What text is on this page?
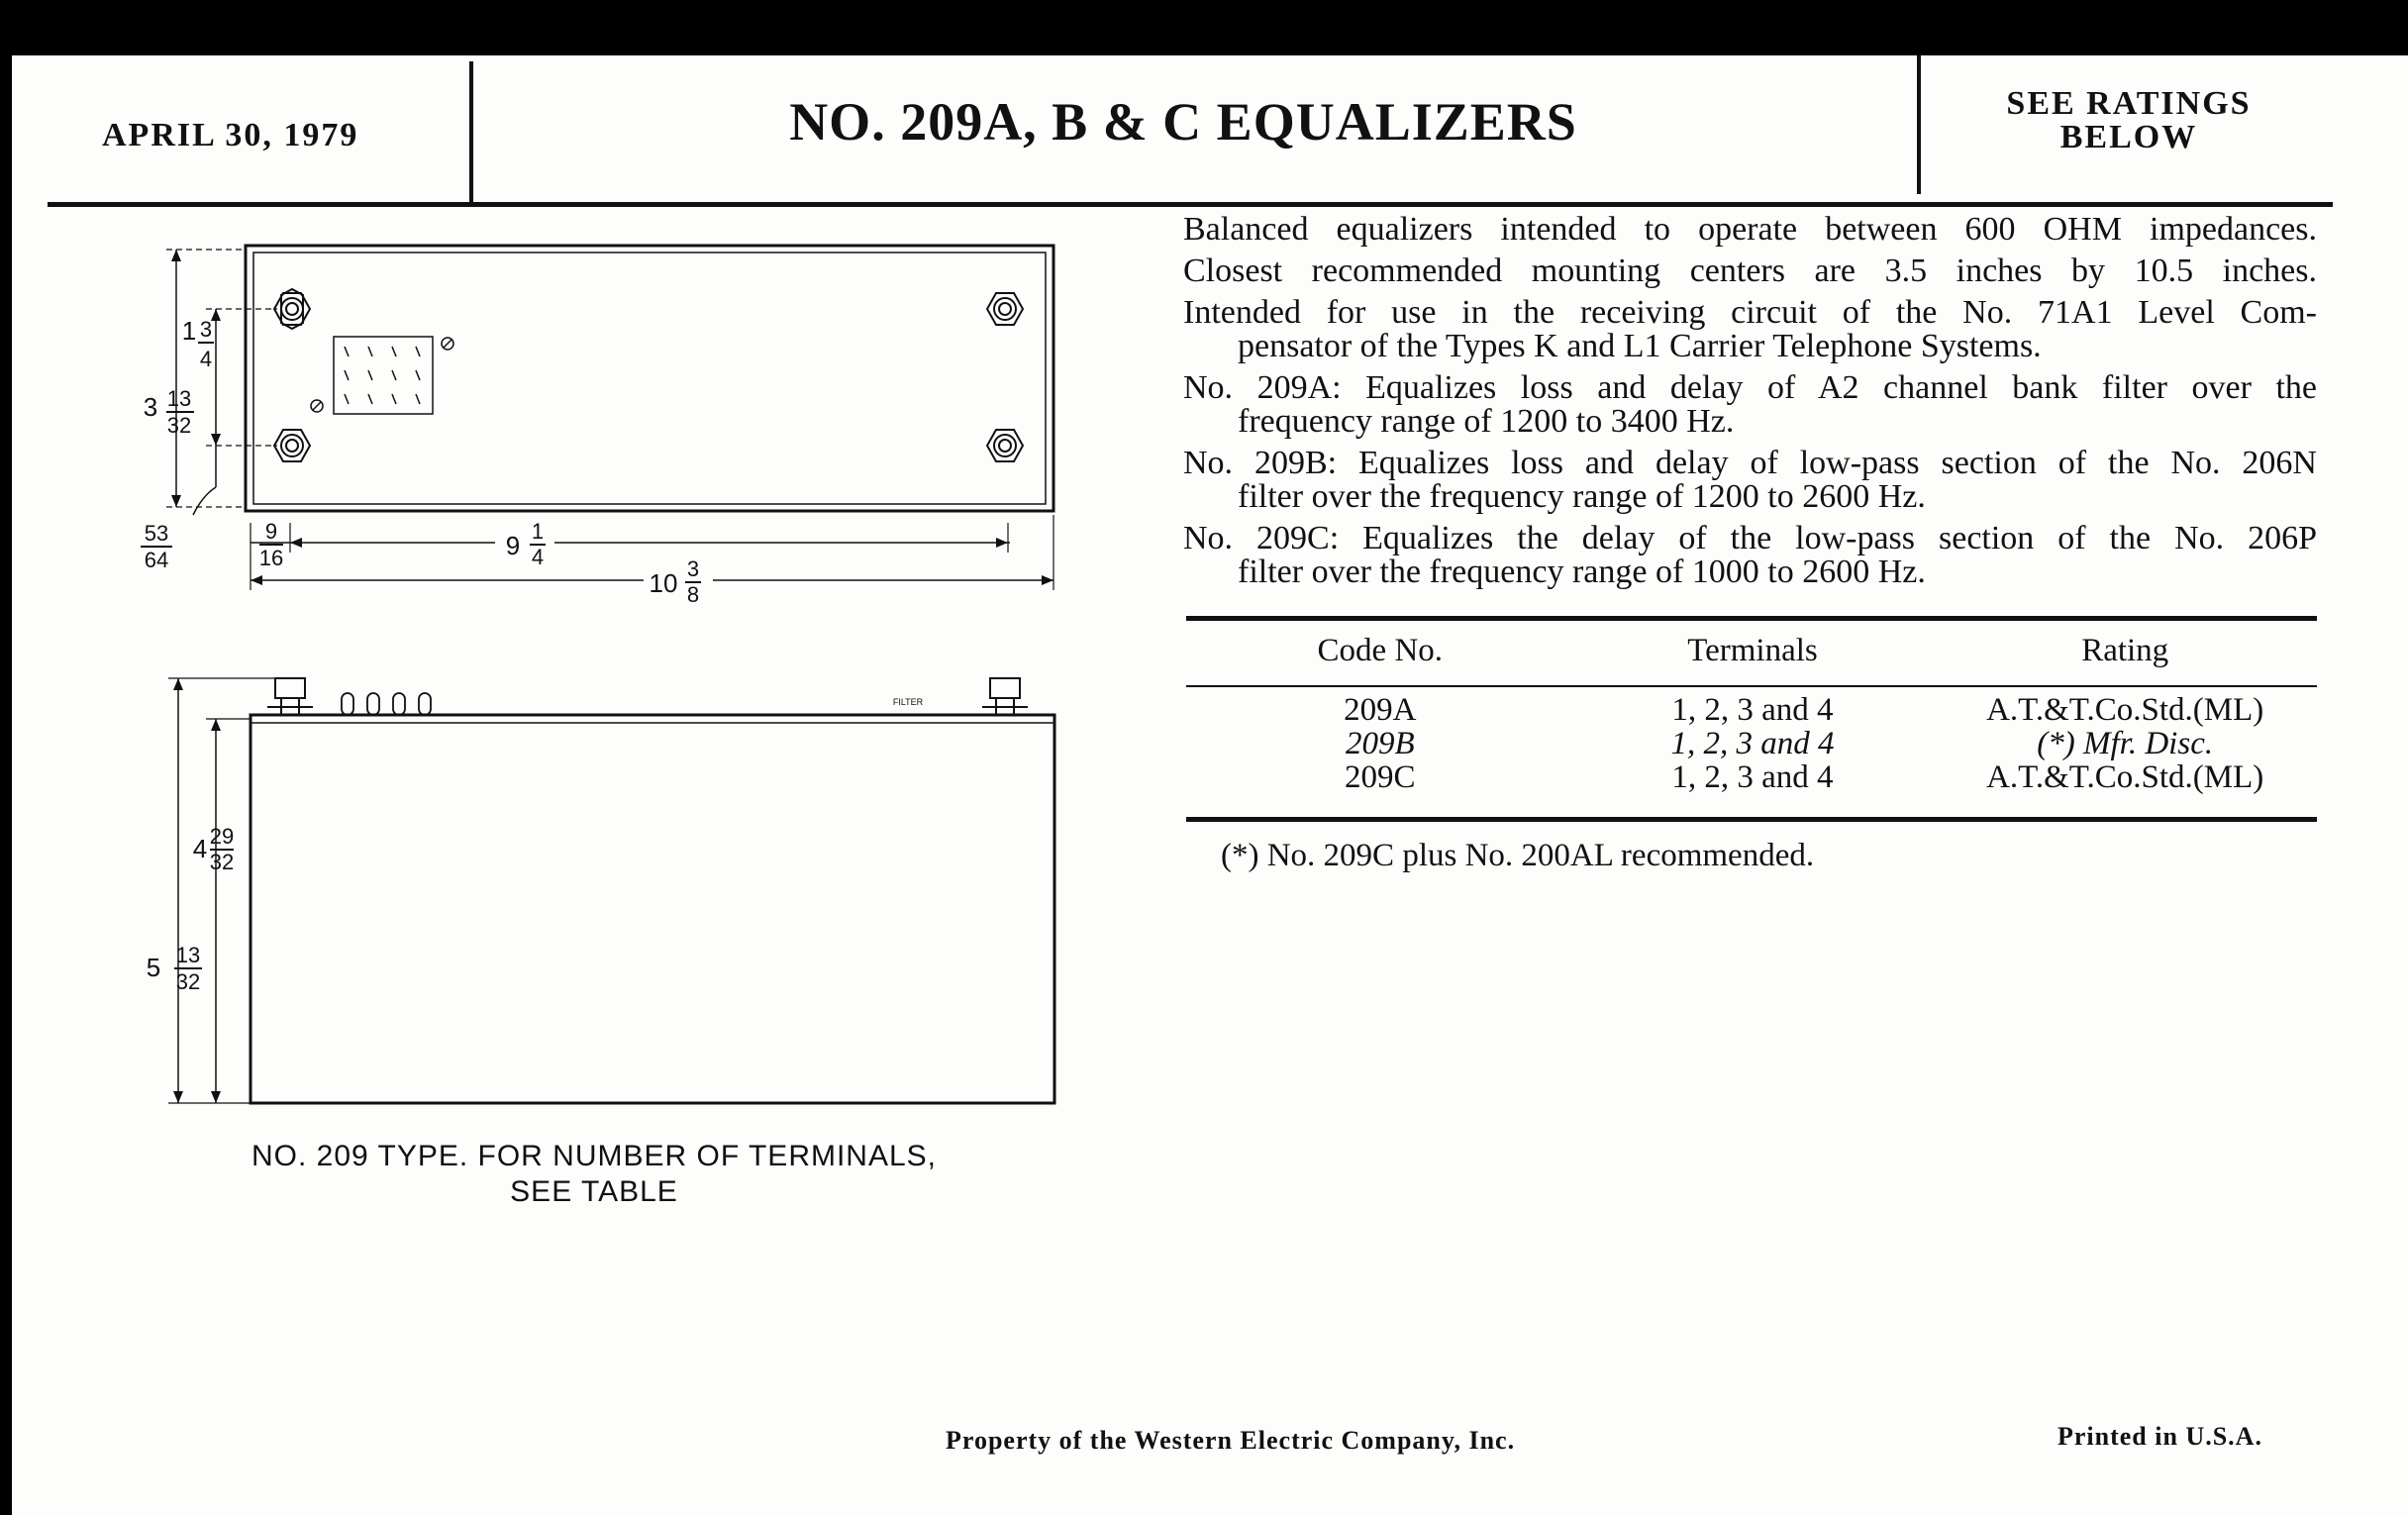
APRIL 30, 1979	NO. 209A, B & C EQUALIZERS	SEE RATINGS
BELOW

Balanced equalizers intended to operate between 600 OHM impedances.

Closest recommended mounting centers are 3.5 inches by 10.5 inches.

Intended for use in the receiving circuit of the No. 71A1 Level Com-
pensator of the Types K and L1 Carrier Telephone Systems.

No. 209A: Equalizes loss and delay of A2 channel bank filter over the
frequency range of 1200 to 3400 Hz.

No. 209B: Equalizes loss and delay of low-pass section of the No. 206N
filter over the frequency range of 1200 to 2600 Hz.

No. 209C: Equalizes the delay of the low-pass section of the No. 206P
filter over the frequency range of 1000 to 2600 Hz.

Code No.	Terminals	Rating
209A	1, 2, 3 and 4	A.T.&T.Co.Std.(ML)
209B	1, 2, 3 and 4	(*) Mfr. Disc.
209C	1, 2, 3 and 4	A.T.&T.Co.Std.(ML)
(*) No. 209C plus No. 200AL recommended.
1 3
4
3 13
32
53
64
9
16	9 1
4
10 3
8
4 29
32
5 13
32
FILTER
NO. 209 TYPE. FOR NUMBER OF TERMINALS,
SEE TABLE
Property of the Western Electric Company, Inc.	Printed in U.S.A.
